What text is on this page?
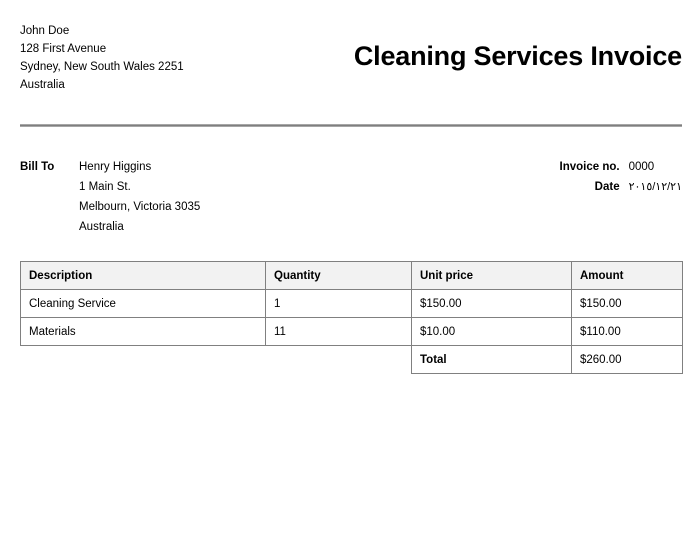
John Doe
128 First Avenue
Sydney, New South Wales 2251
Australia
Cleaning Services Invoice
Bill To	Henry Higgins
1 Main St.
Melbourn, Victoria 3035
Australia
Invoice no. 0000
Date ٢٠١٥/١٢/٢١
Description	Quantity	Unit price	Amount
Cleaning Service	1	$150.00	$150.00
Materials	11	$10.00	$110.00
		Total	$260.00
